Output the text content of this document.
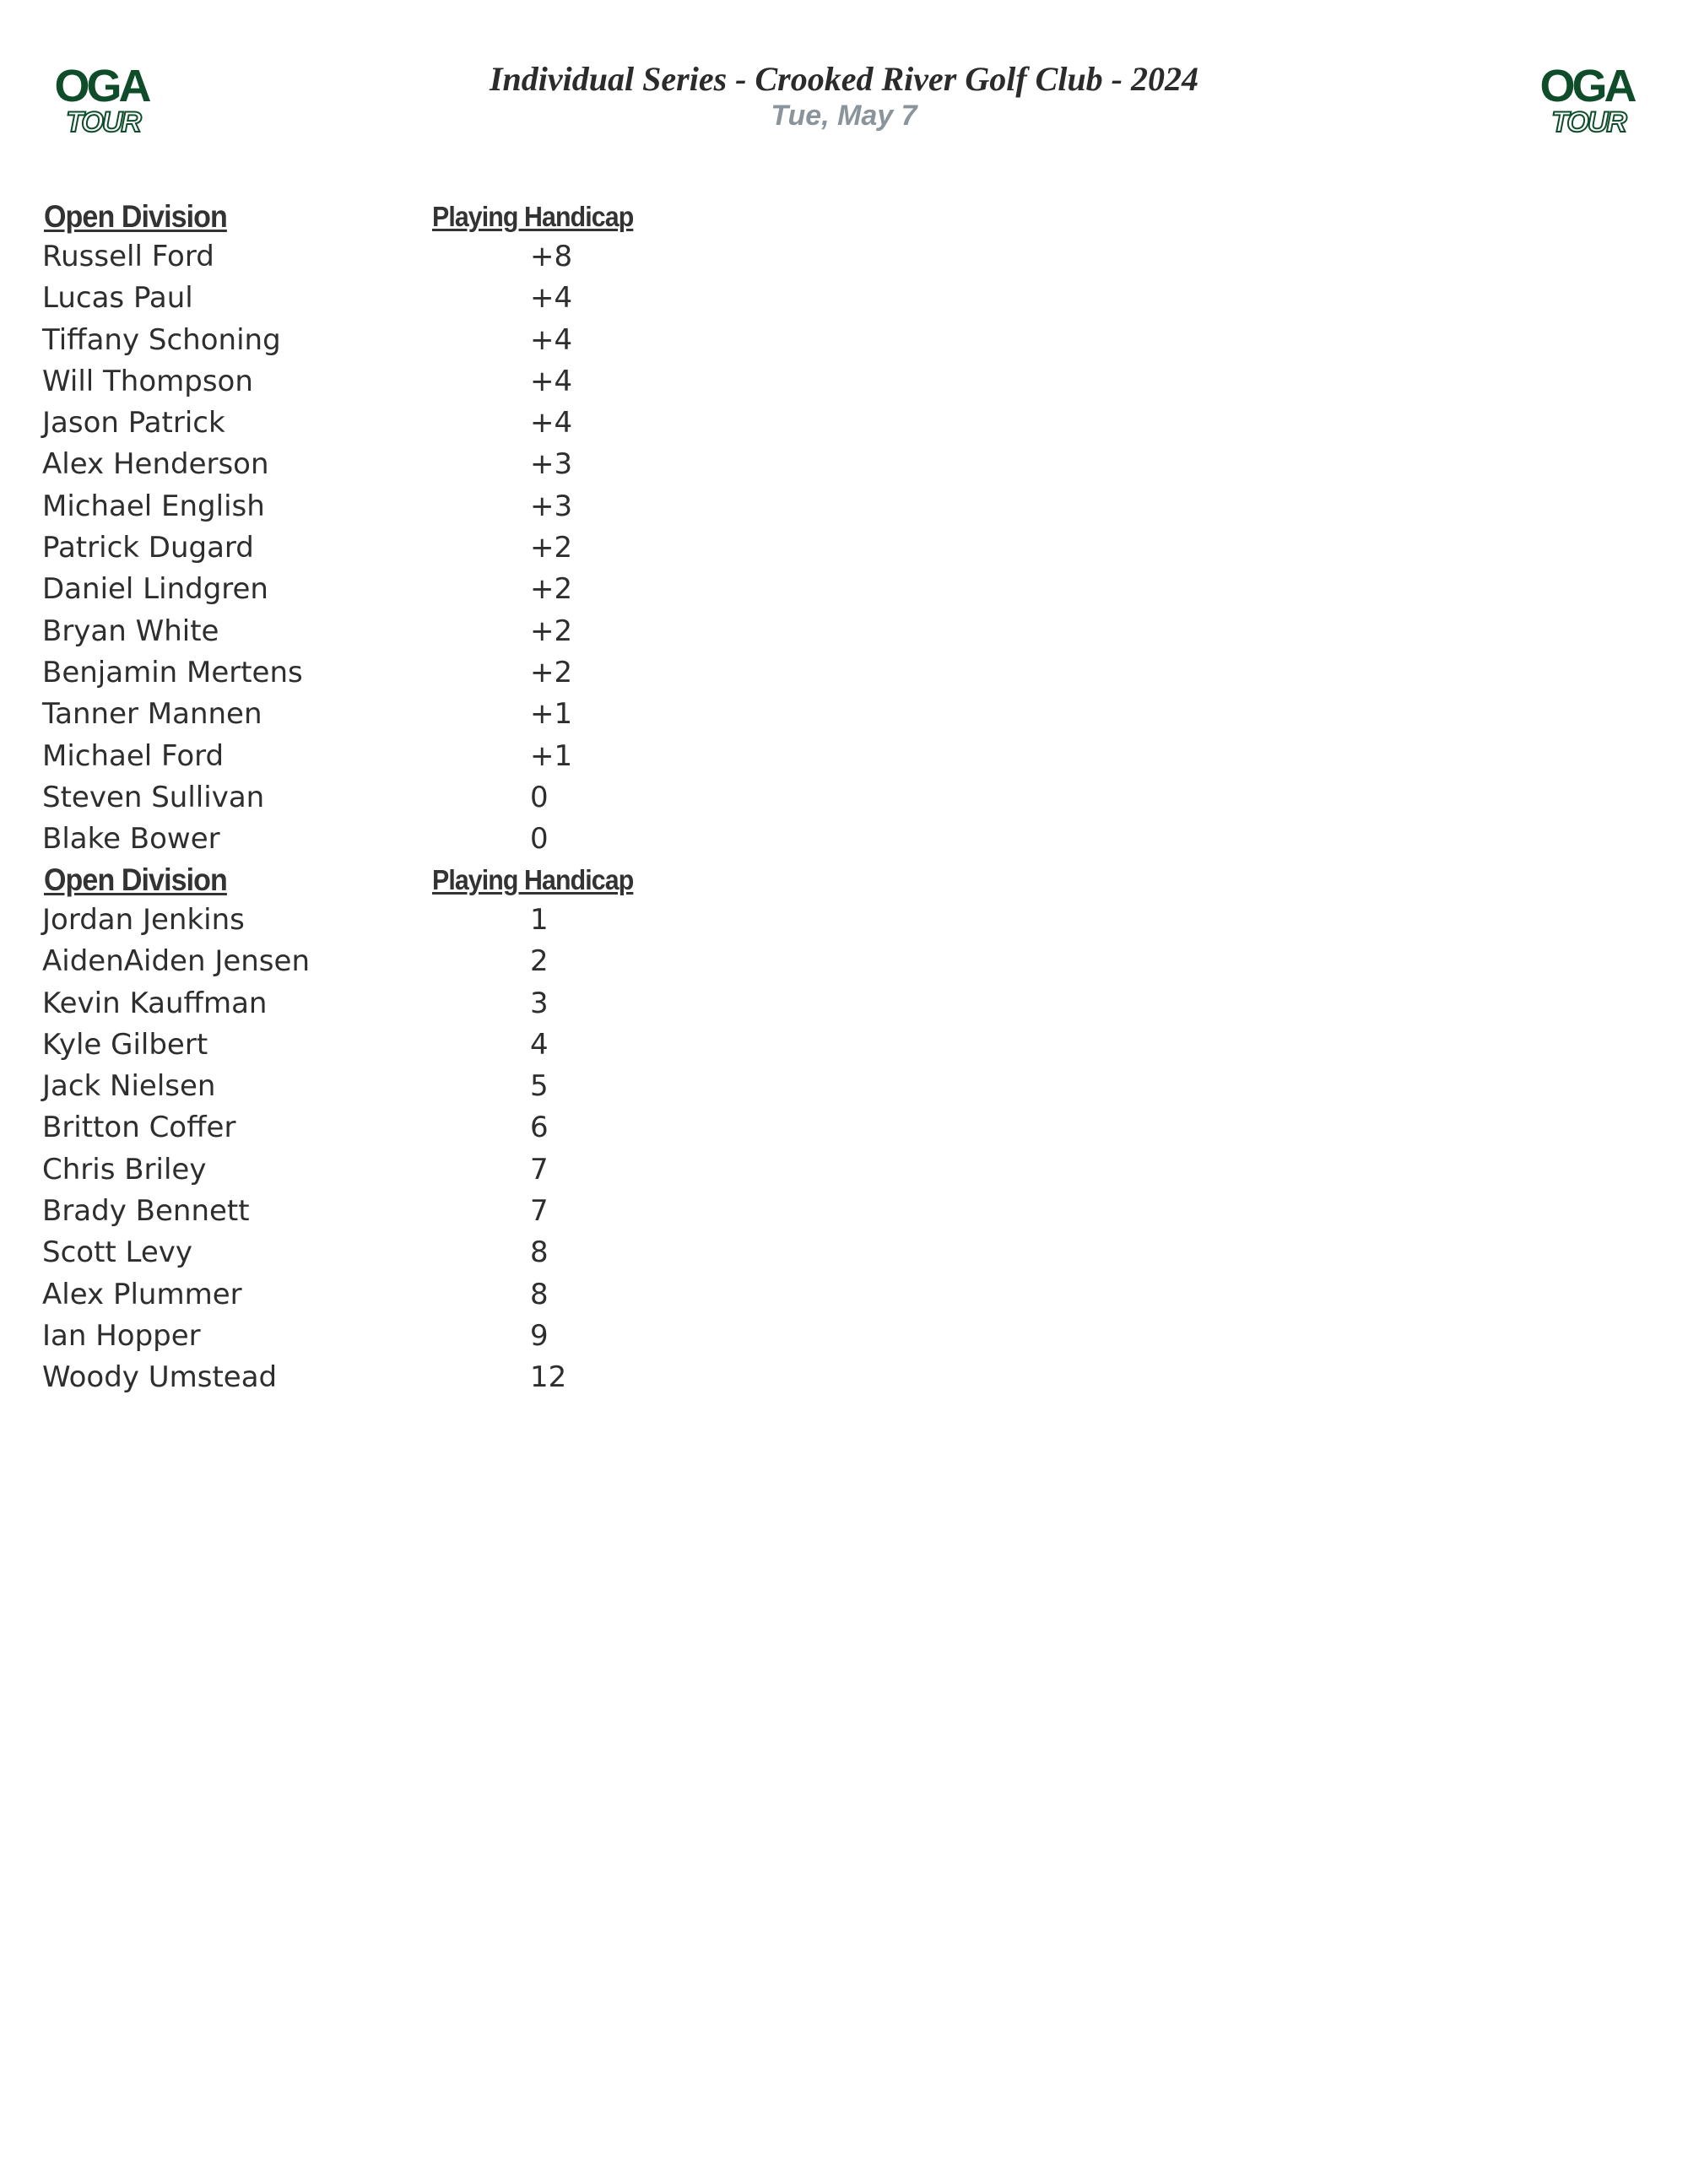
OGA
TOUR
OGA
TOUR
Individual Series - Crooked River Golf Club - 2024
Tue, May 7
Open Division	Playing Handicap
Russell Ford	+8
Lucas Paul	+4
Tiffany Schoning	+4
Will Thompson	+4
Jason Patrick	+4
Alex Henderson	+3
Michael English	+3
Patrick Dugard	+2
Daniel Lindgren	+2
Bryan White	+2
Benjamin Mertens	+2
Tanner Mannen	+1
Michael Ford	+1
Steven Sullivan	0
Blake Bower	0
Open Division	Playing Handicap
Jordan Jenkins	1
AidenAiden Jensen	2
Kevin Kauffman	3
Kyle Gilbert	4
Jack Nielsen	5
Britton Coffer	6
Chris Briley	7
Brady Bennett	7
Scott Levy	8
Alex Plummer	8
Ian Hopper	9
Woody Umstead	12
